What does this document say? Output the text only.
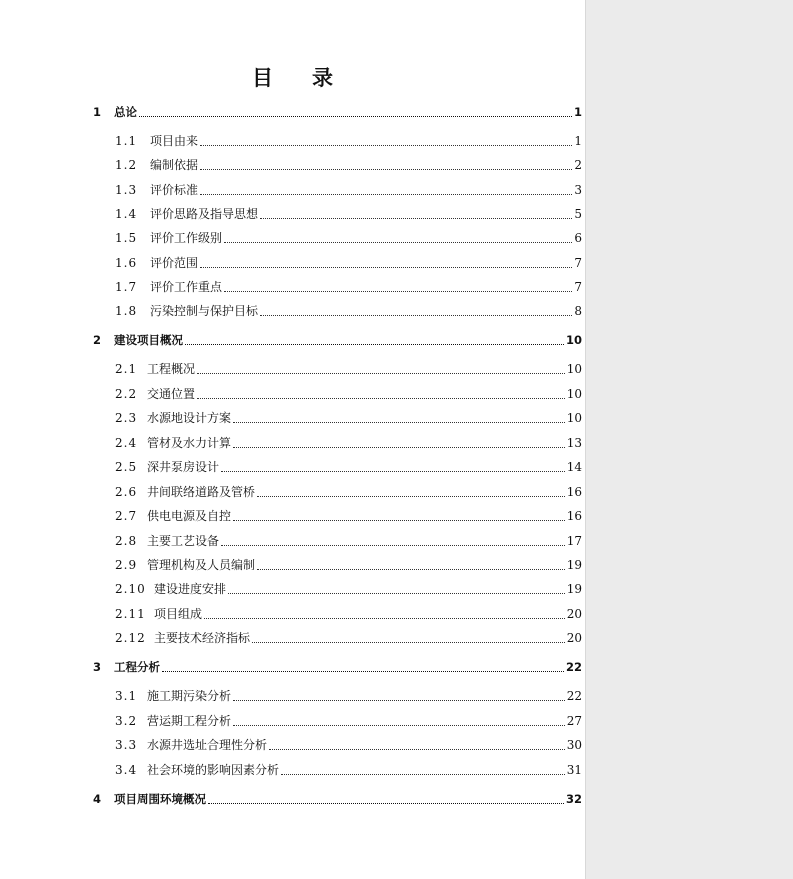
目 录
1 总论	1
1.1 项目由来	1
1.2 编制依据	2
1.3 评价标准	3
1.4 评价思路及指导思想	5
1.5 评价工作级别	6
1.6 评价范围	7
1.7 评价工作重点	7
1.8 污染控制与保护目标	8
2 建设项目概况	10
2.1 工程概况	10
2.2 交通位置	10
2.3 水源地设计方案	10
2.4 管材及水力计算	13
2.5 深井泵房设计	14
2.6 井间联络道路及管桥	16
2.7 供电电源及自控	16
2.8 主要工艺设备	17
2.9 管理机构及人员编制	19
2.10 建设进度安排	19
2.11 项目组成	20
2.12 主要技术经济指标	20
3 工程分析	22
3.1 施工期污染分析	22
3.2 营运期工程分析	27
3.3 水源井选址合理性分析	30
3.4 社会环境的影响因素分析	31
4 项目周围环境概况	32
